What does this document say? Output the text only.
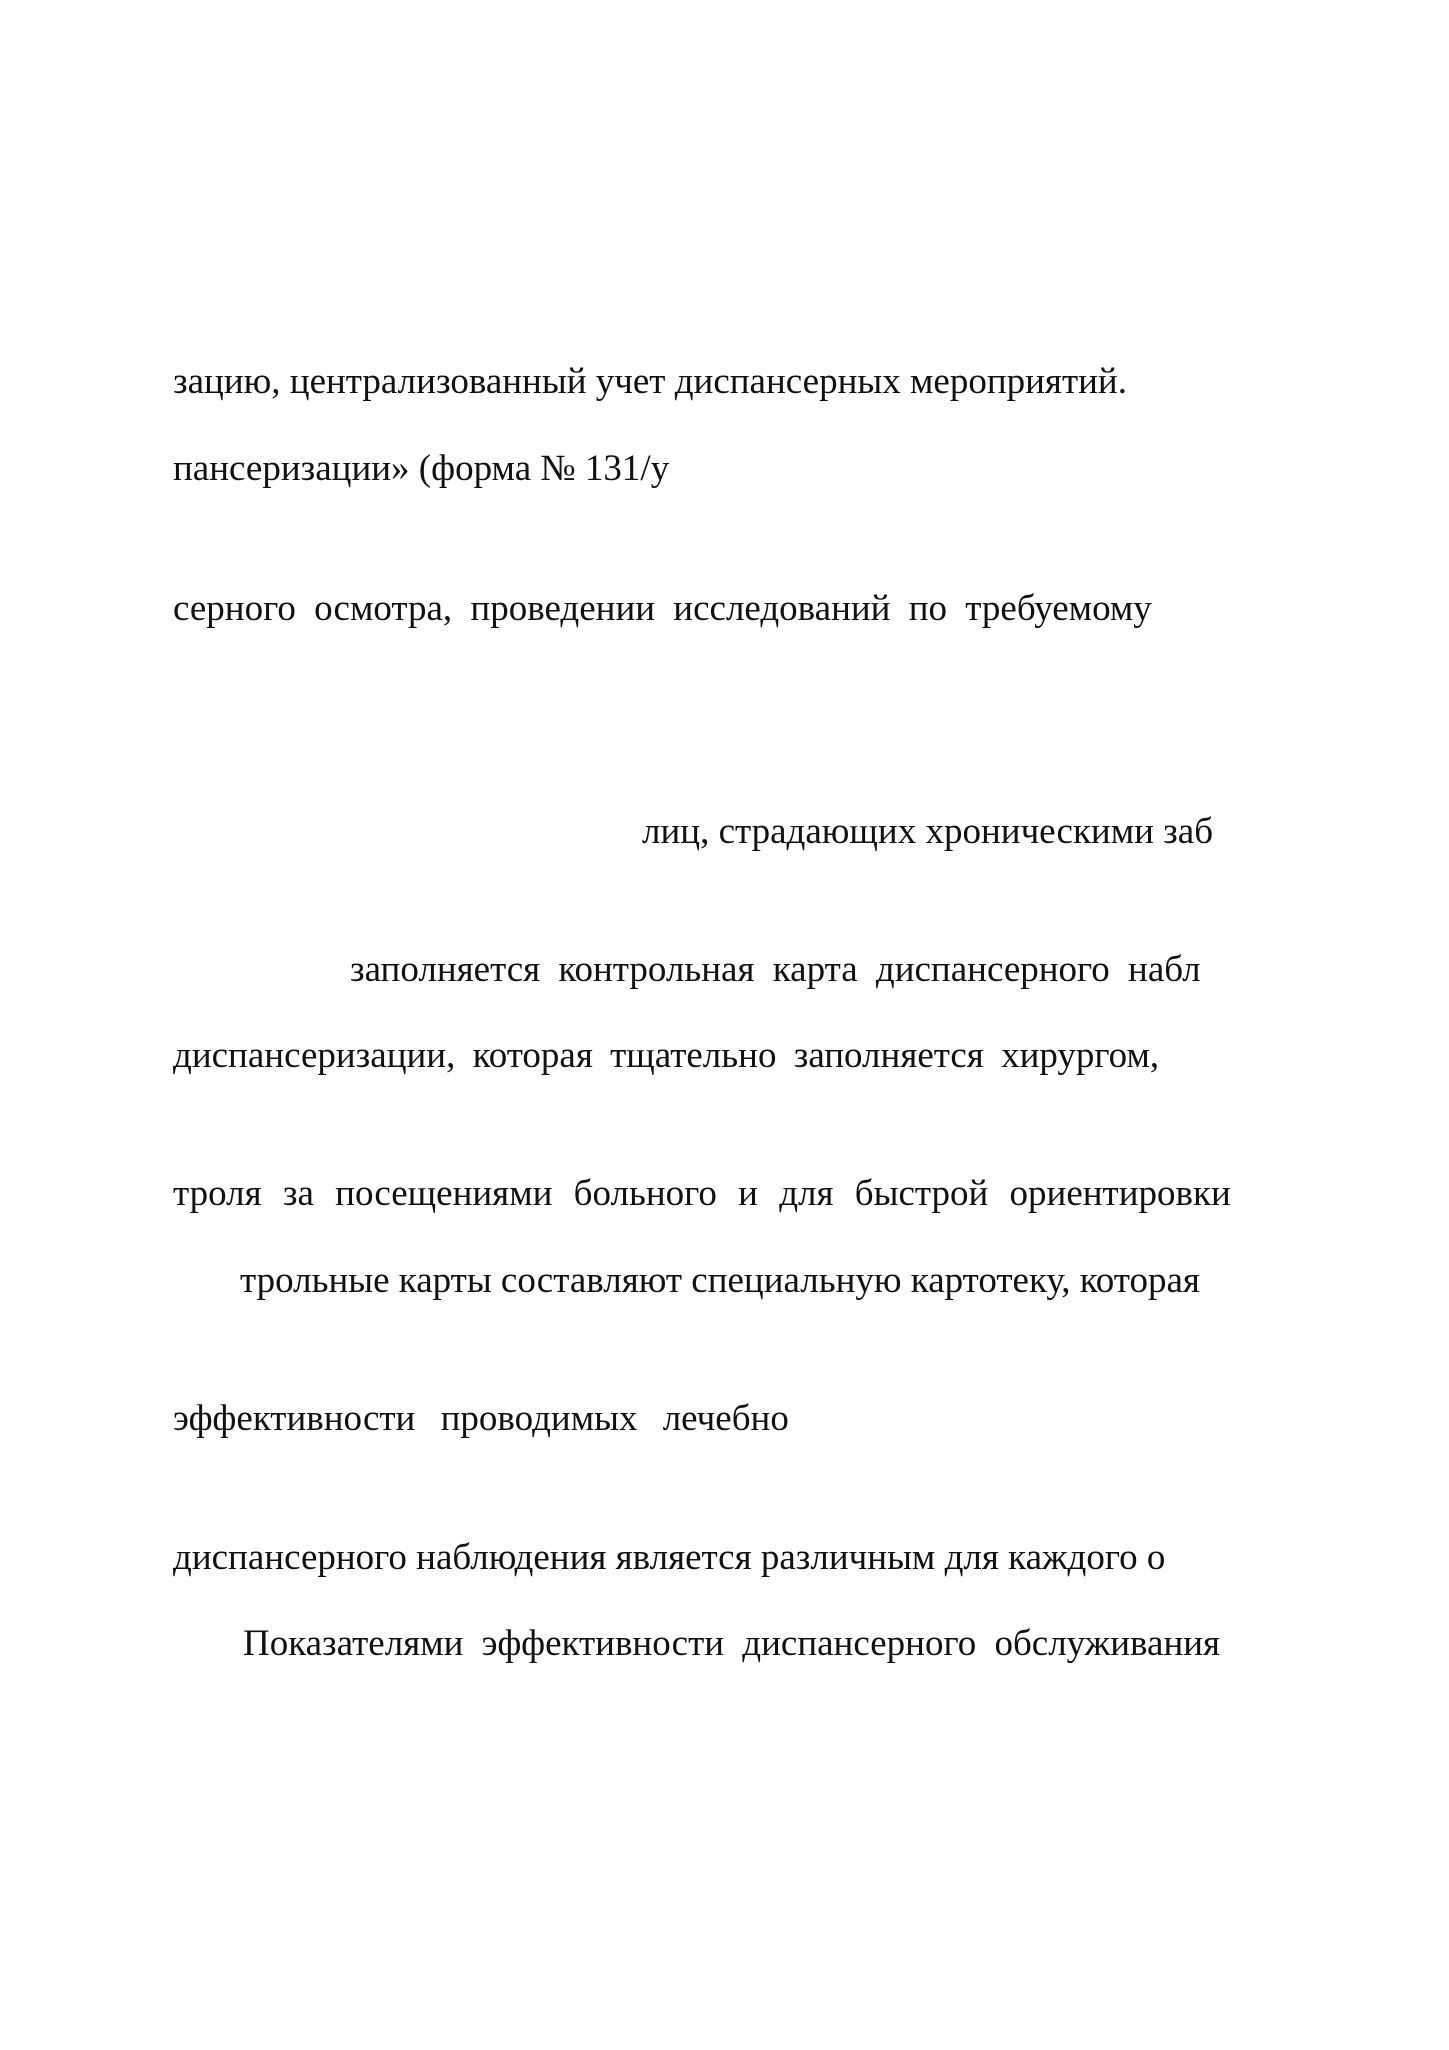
зацию, централизованный учет диспансерных мероприятий.

пансеризации» (форма № 131/у

серного осмотра, проведении исследований по требуемому

лиц, страдающих хроническими заб

заполняется контрольная карта диспансерного набл

диспансеризации, которая тщательно заполняется хирургом,

троля за посещениями больного и для быстрой ориентировки

трольные карты составляют специальную картотеку, которая

эффективности проводимых лечебно

диспансерного наблюдения является различным для каждого о

Показателями эффективности диспансерного обслуживания
